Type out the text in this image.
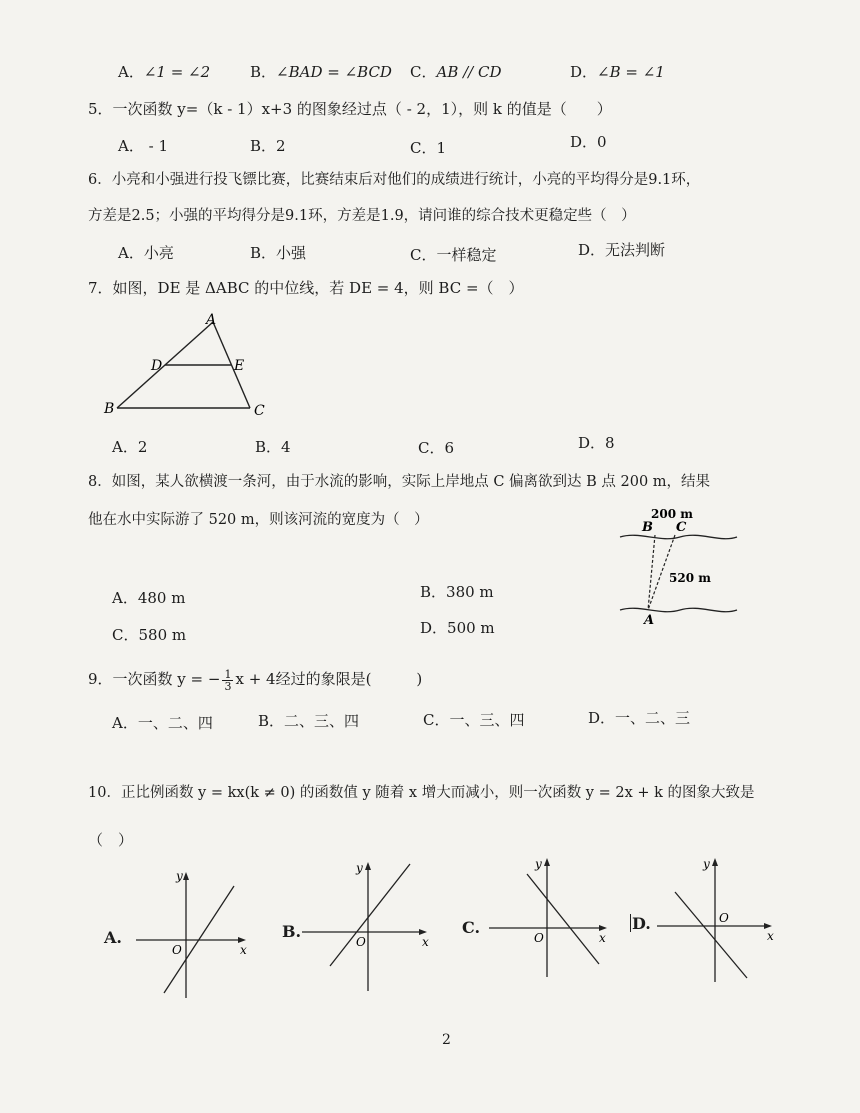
A．∠1 = ∠2	B．∠BAD = ∠BCD C．AB // CD	D．∠B = ∠1
5．一次函数 y=（k - 1）x+3 的图象经过点（ - 2，1），则 k 的值是（　　）
A． - 1	B．2	C．1	D．0
6．小亮和小强进行投飞镖比赛，比赛结束后对他们的成绩进行统计，小亮的平均得分是9.1环，
方差是2.5；小强的平均得分是9.1环，方差是1.9，请问谁的综合技术更稳定些（　）
A．小亮	B．小强	C．一样稳定	D．无法判断
7．如图，DE 是 ΔABC 的中位线，若 DE = 4，则 BC =（　）
A
D	E
B	C
A．2	B．4	C．6	D．8
8．如图，某人欲横渡一条河，由于水流的影响，实际上岸地点 C 偏离欲到达 B 点 200 m，结果
他在水中实际游了 520 m，则该河流的宽度为（　）	200 m
B C
520 m
A
A．480 m	B．380 m
C．580 m	D．500 m
9．一次函数 y = − $\frac{1}{3}$ x + 4经过的象限是(　　　)
A．一、二、四	B．二、三、四	C．一、三、四	D．一、二、三
10．正比例函数 y = kx(k ≠ 0) 的函数值 y 随着 x 增大而减小，则一次函数 y = 2x + k 的图象大致是
（　）
A.
y
x
O
B.
y
x
O
C.
y
x
O
D.
y
x
O
2
